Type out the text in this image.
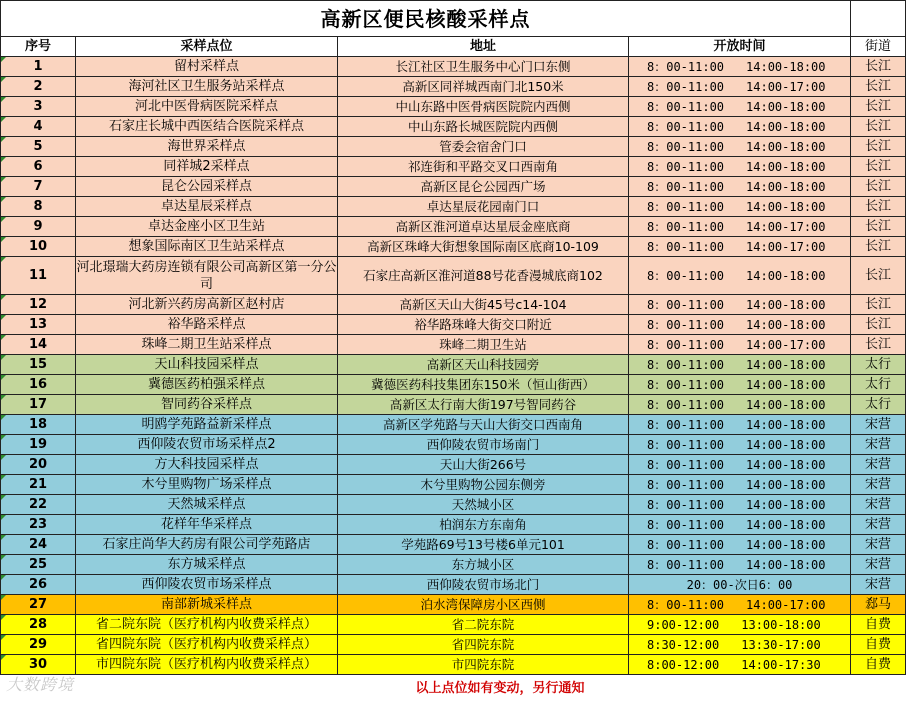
高新区便民核酸采样点				
序号	采样点位	地址	开放时间	街道
1	留村采样点	长江社区卫生服务中心门口东侧	8：00-11:00 14:00-18:00	长江
2	海河社区卫生服务站采样点	高新区同祥城西南门北150米	8：00-11:00 14:00-17:00	长江
3	河北中医骨病医院采样点	中山东路中医骨病医院院内西侧	8：00-11:00 14:00-18:00	长江
4	石家庄长城中西医结合医院采样点	中山东路长城医院院内西侧	8：00-11:00 14:00-18:00	长江
5	海世界采样点	管委会宿舍门口	8：00-11:00 14:00-18:00	长江
6	同祥城2采样点	祁连街和平路交叉口西南角	8：00-11:00 14:00-18:00	长江
7	昆仑公园采样点	高新区昆仑公园西广场	8：00-11:00 14:00-18:00	长江
8	卓达星辰采样点	卓达星辰花园南门口	8：00-11:00 14:00-18:00	长江
9	卓达金座小区卫生站	高新区淮河道卓达星辰金座底商	8：00-11:00 14:00-17:00	长江
10	想象国际南区卫生站采样点	高新区珠峰大街想象国际南区底商10-109	8：00-11:00 14:00-17:00	长江
11	河北璟瑞大药房连锁有限公司高新区第一分公司	石家庄高新区淮河道88号花香漫城底商102	8：00-11:00 14:00-18:00	长江
12	河北新兴药房高新区赵村店	高新区天山大街45号c14-104	8：00-11:00 14:00-18:00	长江
13	裕华路采样点	裕华路珠峰大街交口附近	8：00-11:00 14:00-18:00	长江
14	珠峰二期卫生站采样点	珠峰二期卫生站	8：00-11:00 14:00-17:00	长江
15	天山科技园采样点	高新区天山科技园旁	8：00-11:00 14:00-18:00	太行
16	冀德医药柏强采样点	冀德医药科技集团东150米（恒山街西）	8：00-11:00 14:00-18:00	太行
17	智同药谷采样点	高新区太行南大街197号智同药谷	8：00-11:00 14:00-18:00	太行
18	明鸥学苑路益新采样点	高新区学苑路与天山大街交口西南角	8：00-11:00 14:00-18:00	宋营
19	西仰陵农贸市场采样点2	西仰陵农贸市场南门	8：00-11:00 14:00-18:00	宋营
20	方大科技园采样点	天山大街266号	8：00-11:00 14:00-18:00	宋营
21	木兮里购物广场采样点	木兮里购物公园东侧旁	8：00-11:00 14:00-18:00	宋营
22	天然城采样点	天然城小区	8：00-11:00 14:00-18:00	宋营
23	花样年华采样点	柏润东方东南角	8：00-11:00 14:00-18:00	宋营
24	石家庄尚华大药房有限公司学苑路店	学苑路69号13号楼6单元101	8：00-11:00 14:00-18:00	宋营
25	东方城采样点	东方城小区	8：00-11:00 14:00-18:00	宋营
26	西仰陵农贸市场采样点	西仰陵农贸市场北门	20：00-次日6：00	宋营
27	南部新城采样点	泊水湾保障房小区西侧	8：00-11:00 14:00-17:00	郄马
28	省二院东院（医疗机构内收费采样点）	省二院东院	9:00-12:00 13:00-18:00	自费
29	省四院东院（医疗机构内收费采样点）	省四院东院	8:30-12:00 13:30-17:00	自费
30	市四院东院（医疗机构内收费采样点）	市四院东院	8:00-12:00 14:00-17:30	自费
以上点位如有变动，另行通知
大数跨境
